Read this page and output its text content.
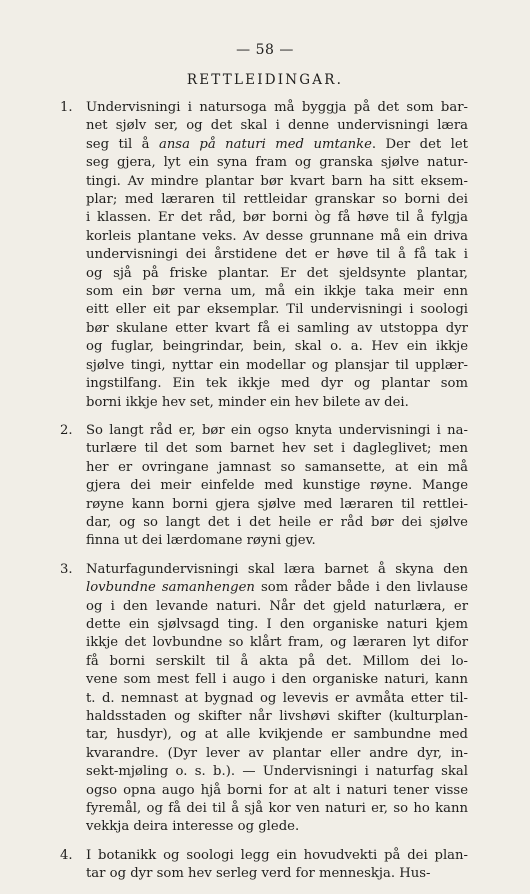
— 58 —
RETTLEIDINGAR.
1.	Undervisningi i natursoga må byggja på det som bar-
net sjølv ser, og det skal i denne undervisningi læra
seg til å ansa på naturi med umtanke. Der det let
seg gjera, lyt ein syna fram og granska sjølve natur-
tingi. Av mindre plantar bør kvart barn ha sitt eksem-
plar; med læraren til rettleidar granskar so borni dei
i klassen. Er det råd, bør borni òg få høve til å fylgja
korleis plantane veks. Av desse grunnane må ein driva
undervisningi dei årstidene det er høve til å få tak i
og sjå på friske plantar. Er det sjeldsynte plantar,
som ein bør verna um, må ein ikkje taka meir enn
eitt eller eit par eksemplar. Til undervisningi i soologi
bør skulane etter kvart få ei samling av utstoppa dyr
og fuglar, beingrindar, bein, skal o. a. Hev ein ikkje
sjølve tingi, nyttar ein modellar og plansjar til upplær-
ingstilfang. Ein tek ikkje med dyr og plantar som
borni ikkje hev set, minder ein hev bilete av dei.
2.	So langt råd er, bør ein ogso knyta undervisningi i na-
turlære til det som barnet hev set i dagleglivet; men
her er ovringane jamnast so samansette, at ein må
gjera dei meir einfelde med kunstige røyne. Mange
røyne kann borni gjera sjølve med læraren til rettlei-
dar, og so langt det i det heile er råd bør dei sjølve
finna ut dei lærdomane røyni gjev.
3.	Naturfagundervisningi skal læra barnet å skyna den
lovbundne samanhengen som råder både i den livlause
og i den levande naturi. Når det gjeld naturlæra, er
dette ein sjølvsagd ting. I den organiske naturi kjem
ikkje det lovbundne so klårt fram, og læraren lyt difor
få borni serskilt til å akta på det. Millom dei lo-
vene som mest fell i augo i den organiske naturi, kann
t. d. nemnast at bygnad og levevis er avmåta etter til-
haldsstaden og skifter når livshøvi skifter (kulturplan-
tar, husdyr), og at alle kvikjende er sambundne med
kvarandre. (Dyr lever av plantar eller andre dyr, in-
sekt-mjøling o. s. b.). — Undervisningi i naturfag skal
ogso opna augo hjå borni for at alt i naturi tener visse
fyremål, og få dei til å sjå kor ven naturi er, so ho kann
vekkja deira interesse og glede.
4.	I botanikk og soologi legg ein hovudvekti på dei plan-
tar og dyr som hev serleg verd for menneskja. Hus-
